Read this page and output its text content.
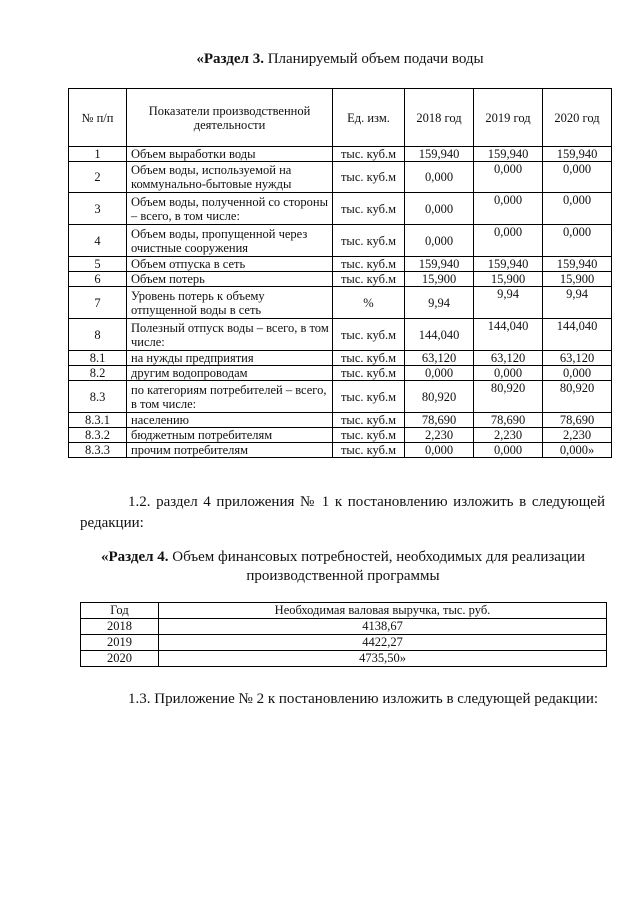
«Раздел 3. Планируемый объем подачи воды
№ п/п	Показатели производственной деятельности	Ед. изм.	2018 год	2019 год	2020 год
1	Объем выработки воды	тыс. куб.м	159,940	159,940	159,940
2	Объем воды, используемой на коммунально-бытовые нужды	тыс. куб.м	0,000	0,000	0,000
3	Объем воды, полученной со стороны – всего, в том числе:	тыс. куб.м	0,000	0,000	0,000
4	Объем воды, пропущенной через очистные сооружения	тыс. куб.м	0,000	0,000	0,000
5	Объем отпуска в сеть	тыс. куб.м	159,940	159,940	159,940
6	Объем потерь	тыс. куб.м	15,900	15,900	15,900
7	Уровень потерь к объему отпущенной воды в сеть	%	9,94	9,94	9,94
8	Полезный отпуск воды – всего, в том числе:	тыс. куб.м	144,040	144,040	144,040
8.1	на нужды предприятия	тыс. куб.м	63,120	63,120	63,120
8.2	другим водопроводам	тыс. куб.м	0,000	0,000	0,000
8.3	по категориям потребителей – всего, в том числе:	тыс. куб.м	80,920	80,920	80,920
8.3.1	населению	тыс. куб.м	78,690	78,690	78,690
8.3.2	бюджетным потребителям	тыс. куб.м	2,230	2,230	2,230
8.3.3	прочим потребителям	тыс. куб.м	0,000	0,000	0,000»
1.2. раздел 4 приложения № 1 к постановлению изложить в следующей редакции:
«Раздел 4. Объем финансовых потребностей, необходимых для реализации производственной программы
Год	Необходимая валовая выручка, тыс. руб.
2018	4138,67
2019	4422,27
2020	4735,50»
1.3. Приложение № 2 к постановлению изложить в следующей редакции:
